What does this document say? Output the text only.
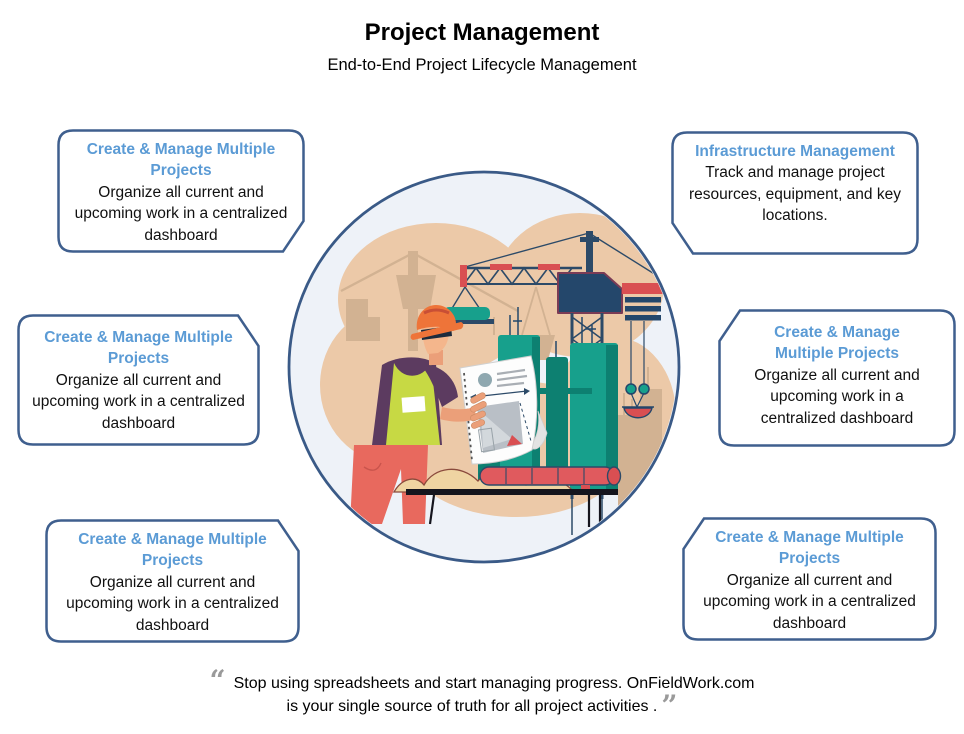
Project Management
End-to-End Project Lifecycle Management
Create & Manage Multiple Projects
Organize all current and upcoming work in a centralized dashboard
Infrastructure Management
Track and manage project resources, equipment, and key locations.
Create & Manage Multiple Projects
Organize all current and upcoming work in a centralized dashboard
Create & Manage Multiple Projects
Organize all current and upcoming work in a centralized dashboard
Create & Manage Multiple Projects
Organize all current and upcoming work in a centralized dashboard
Create & Manage Multiple Projects
Organize all current and upcoming work in a centralized dashboard
“ Stop using spreadsheets and start managing progress. OnFieldWork.com
is your single source of truth for all project activities . ”
